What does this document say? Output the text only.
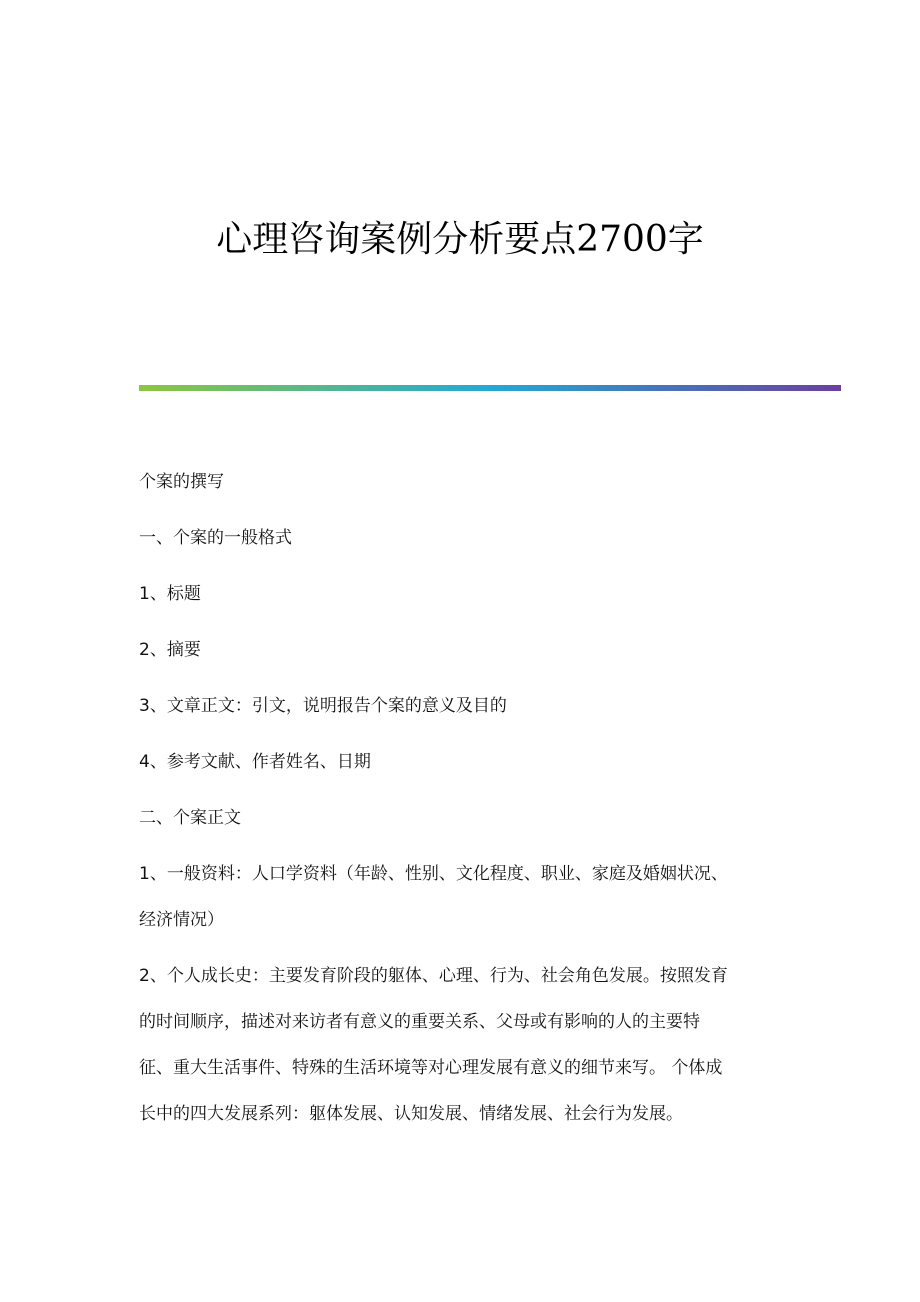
心理咨询案例分析要点2700字
个案的撰写
一、个案的一般格式
1、标题
2、摘要
3、文章正文：引文，说明报告个案的意义及目的
4、参考文献、作者姓名、日期
二、个案正文
1、一般资料：人口学资料（年龄、性别、文化程度、职业、家庭及婚姻状况、
经济情况）
2、个人成长史：主要发育阶段的躯体、心理、行为、社会角色发展。按照发育
的时间顺序，描述对来访者有意义的重要关系、父母或有影响的人的主要特
征、重大生活事件、特殊的生活环境等对心理发展有意义的细节来写。 个体成
长中的四大发展系列：躯体发展、认知发展、情绪发展、社会行为发展。
